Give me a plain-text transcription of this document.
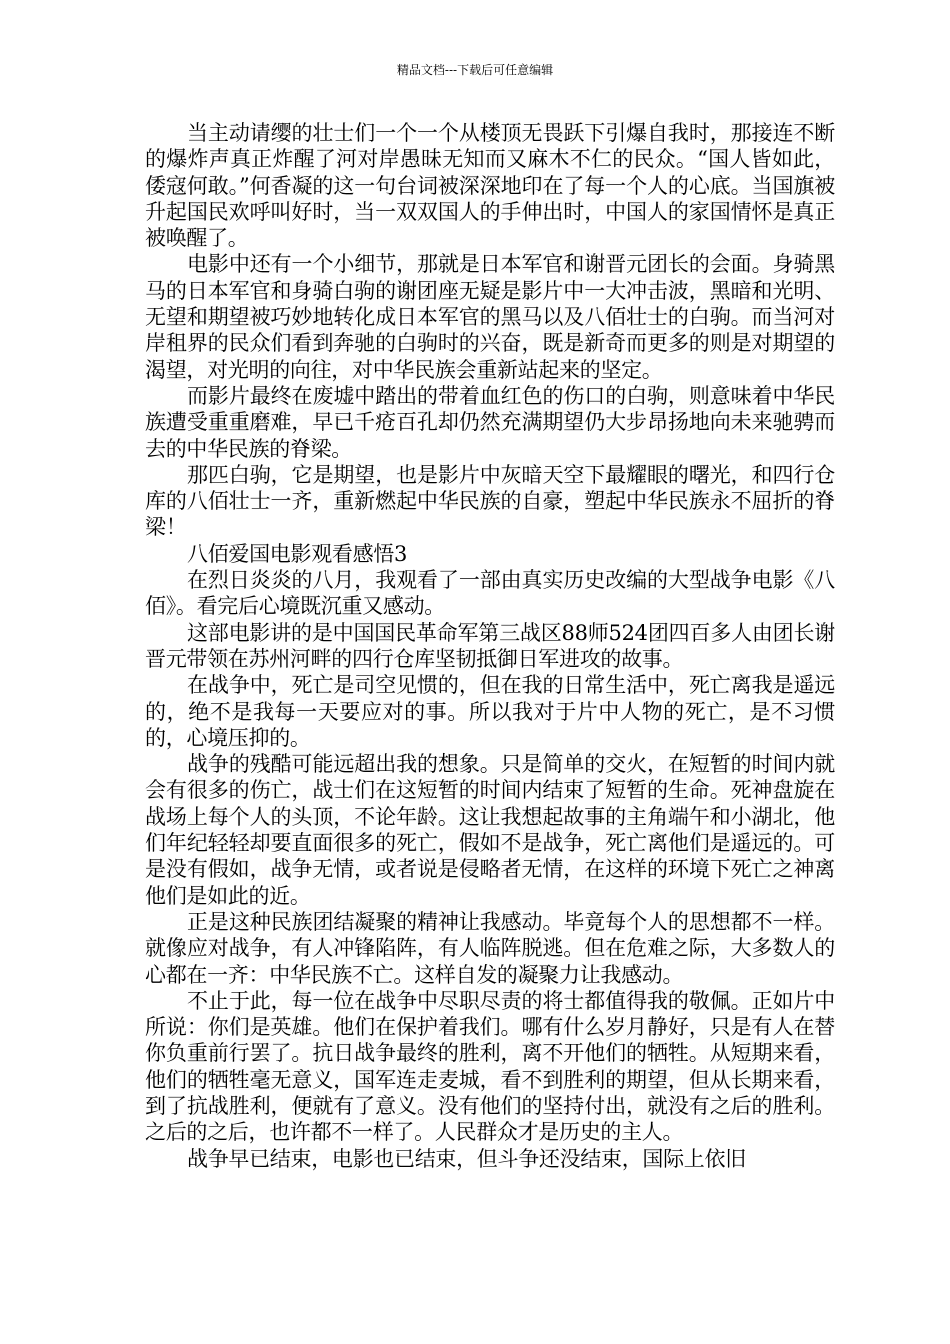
精品文档---下载后可任意编辑

当主动请缨的壮士们一个一个从楼顶无畏跃下引爆自我时，那接连不断的爆炸声真正炸醒了河对岸愚昧无知而又麻木不仁的民众。“国人皆如此，倭寇何敢。”何香凝的这一句台词被深深地印在了每一个人的心底。当国旗被升起国民欢呼叫好时，当一双双国人的手伸出时，中国人的家国情怀是真正被唤醒了。

电影中还有一个小细节，那就是日本军官和谢晋元团长的会面。身骑黑马的日本军官和身骑白驹的谢团座无疑是影片中一大冲击波，黑暗和光明、无望和期望被巧妙地转化成日本军官的黑马以及八佰壮士的白驹。而当河对岸租界的民众们看到奔驰的白驹时的兴奋，既是新奇而更多的则是对期望的渴望，对光明的向往，对中华民族会重新站起来的坚定。

而影片最终在废墟中踏出的带着血红色的伤口的白驹，则意味着中华民族遭受重重磨难，早已千疮百孔却仍然充满期望仍大步昂扬地向未来驰骋而去的中华民族的脊梁。

那匹白驹，它是期望，也是影片中灰暗天空下最耀眼的曙光，和四行仓库的八佰壮士一齐，重新燃起中华民族的自豪，塑起中华民族永不屈折的脊梁！

八佰爱国电影观看感悟3

在烈日炎炎的八月，我观看了一部由真实历史改编的大型战争电影《八佰》。看完后心境既沉重又感动。

这部电影讲的是中国国民革命军第三战区88师524团四百多人由团长谢晋元带领在苏州河畔的四行仓库坚韧抵御日军进攻的故事。

在战争中，死亡是司空见惯的，但在我的日常生活中，死亡离我是遥远的，绝不是我每一天要应对的事。所以我对于片中人物的死亡，是不习惯的，心境压抑的。

战争的残酷可能远超出我的想象。只是简单的交火，在短暂的时间内就会有很多的伤亡，战士们在这短暂的时间内结束了短暂的生命。死神盘旋在战场上每个人的头顶，不论年龄。这让我想起故事的主角端午和小湖北，他们年纪轻轻却要直面很多的死亡，假如不是战争，死亡离他们是遥远的。可是没有假如，战争无情，或者说是侵略者无情，在这样的环境下死亡之神离他们是如此的近。

正是这种民族团结凝聚的精神让我感动。毕竟每个人的思想都不一样。就像应对战争，有人冲锋陷阵，有人临阵脱逃。但在危难之际，大多数人的心都在一齐：中华民族不亡。这样自发的凝聚力让我感动。

不止于此，每一位在战争中尽职尽责的将士都值得我的敬佩。正如片中所说：你们是英雄。他们在保护着我们。哪有什么岁月静好，只是有人在替你负重前行罢了。抗日战争最终的胜利，离不开他们的牺牲。从短期来看，他们的牺牲毫无意义，国军连走麦城，看不到胜利的期望，但从长期来看，到了抗战胜利，便就有了意义。没有他们的坚持付出，就没有之后的胜利。之后的之后，也许都不一样了。人民群众才是历史的主人。

战争早已结束，电影也已结束，但斗争还没结束，国际上依旧
